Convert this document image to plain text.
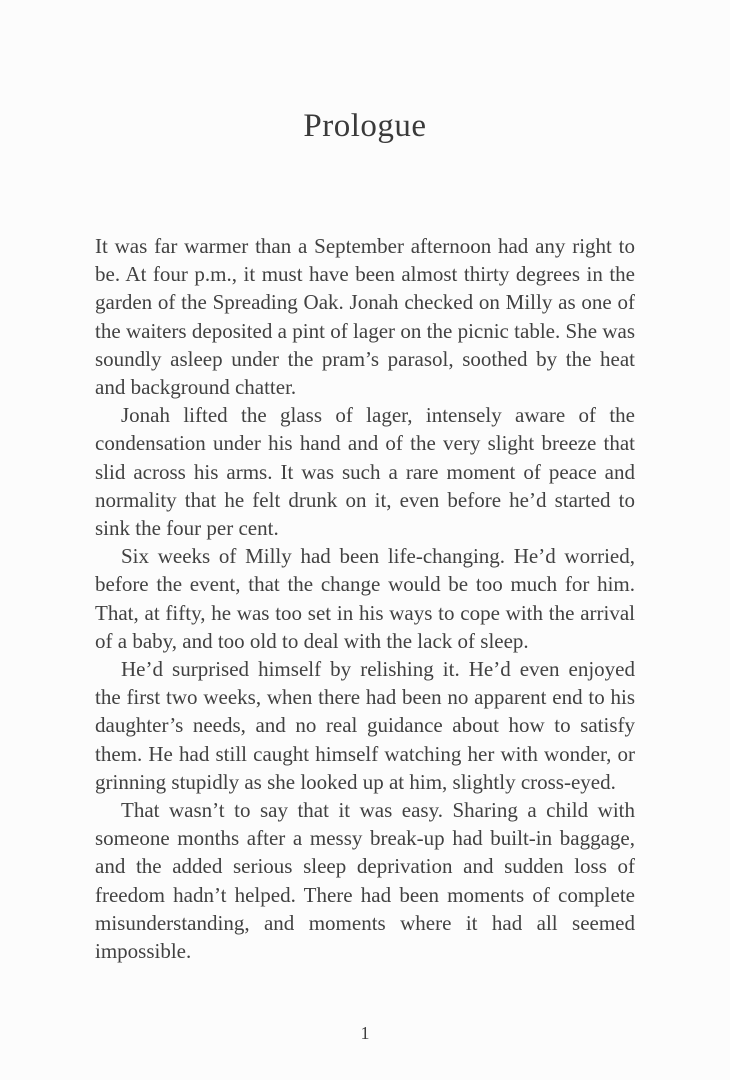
Prologue

It was far warmer than a September afternoon had any right to be. At four p.m., it must have been almost thirty degrees in the garden of the Spreading Oak. Jonah checked on Milly as one of the waiters deposited a pint of lager on the picnic table. She was soundly asleep under the pram’s parasol, soothed by the heat and background chatter.

Jonah lifted the glass of lager, intensely aware of the condensation under his hand and of the very slight breeze that slid across his arms. It was such a rare moment of peace and normality that he felt drunk on it, even before he’d started to sink the four per cent.

Six weeks of Milly had been life-changing. He’d worried, before the event, that the change would be too much for him. That, at fifty, he was too set in his ways to cope with the arrival of a baby, and too old to deal with the lack of sleep.

He’d surprised himself by relishing it. He’d even enjoyed the first two weeks, when there had been no apparent end to his daughter’s needs, and no real guidance about how to satisfy them. He had still caught himself watching her with wonder, or grinning stupidly as she looked up at him, slightly cross-eyed.

That wasn’t to say that it was easy. Sharing a child with someone months after a messy break-up had built-in baggage, and the added serious sleep deprivation and sudden loss of freedom hadn’t helped. There had been moments of complete misunderstanding, and moments where it had all seemed impossible.

1
